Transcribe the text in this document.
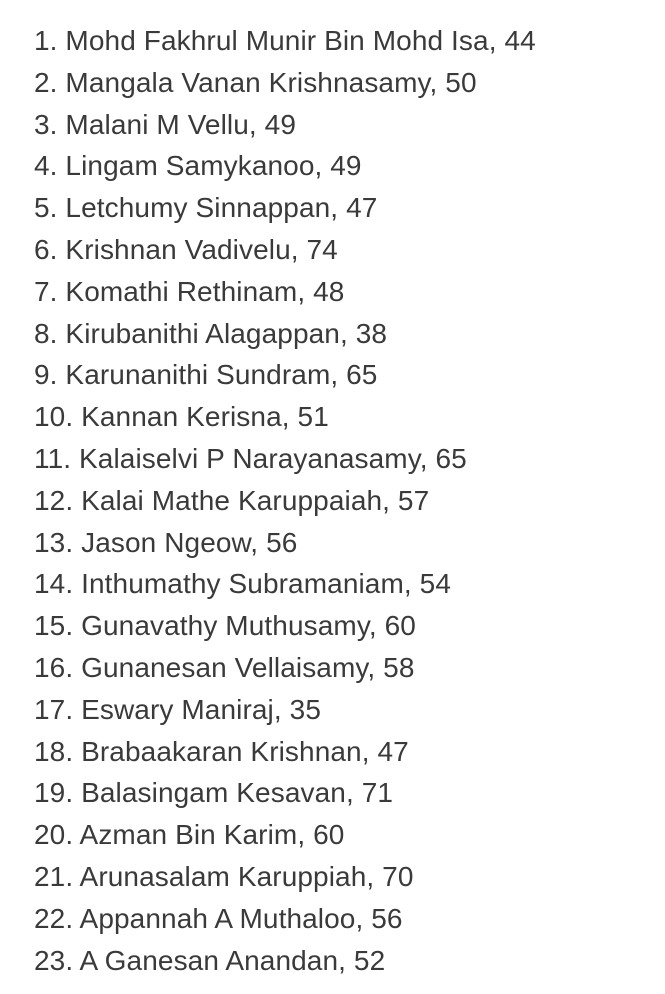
1. Mohd Fakhrul Munir Bin Mohd Isa, 44
2. Mangala Vanan Krishnasamy, 50
3. Malani M Vellu, 49
4. Lingam Samykanoo, 49
5. Letchumy Sinnappan, 47
6. Krishnan Vadivelu, 74
7. Komathi Rethinam, 48
8. Kirubanithi Alagappan, 38
9. Karunanithi Sundram, 65
10. Kannan Kerisna, 51
11. Kalaiselvi P Narayanasamy, 65
12. Kalai Mathe Karuppaiah, 57
13. Jason Ngeow, 56
14. Inthumathy Subramaniam, 54
15. Gunavathy Muthusamy, 60
16. Gunanesan Vellaisamy, 58
17. Eswary Maniraj, 35
18. Brabaakaran Krishnan, 47
19. Balasingam Kesavan, 71
20. Azman Bin Karim, 60
21. Arunasalam Karuppiah, 70
22. Appannah A Muthaloo, 56
23. A Ganesan Anandan, 52
